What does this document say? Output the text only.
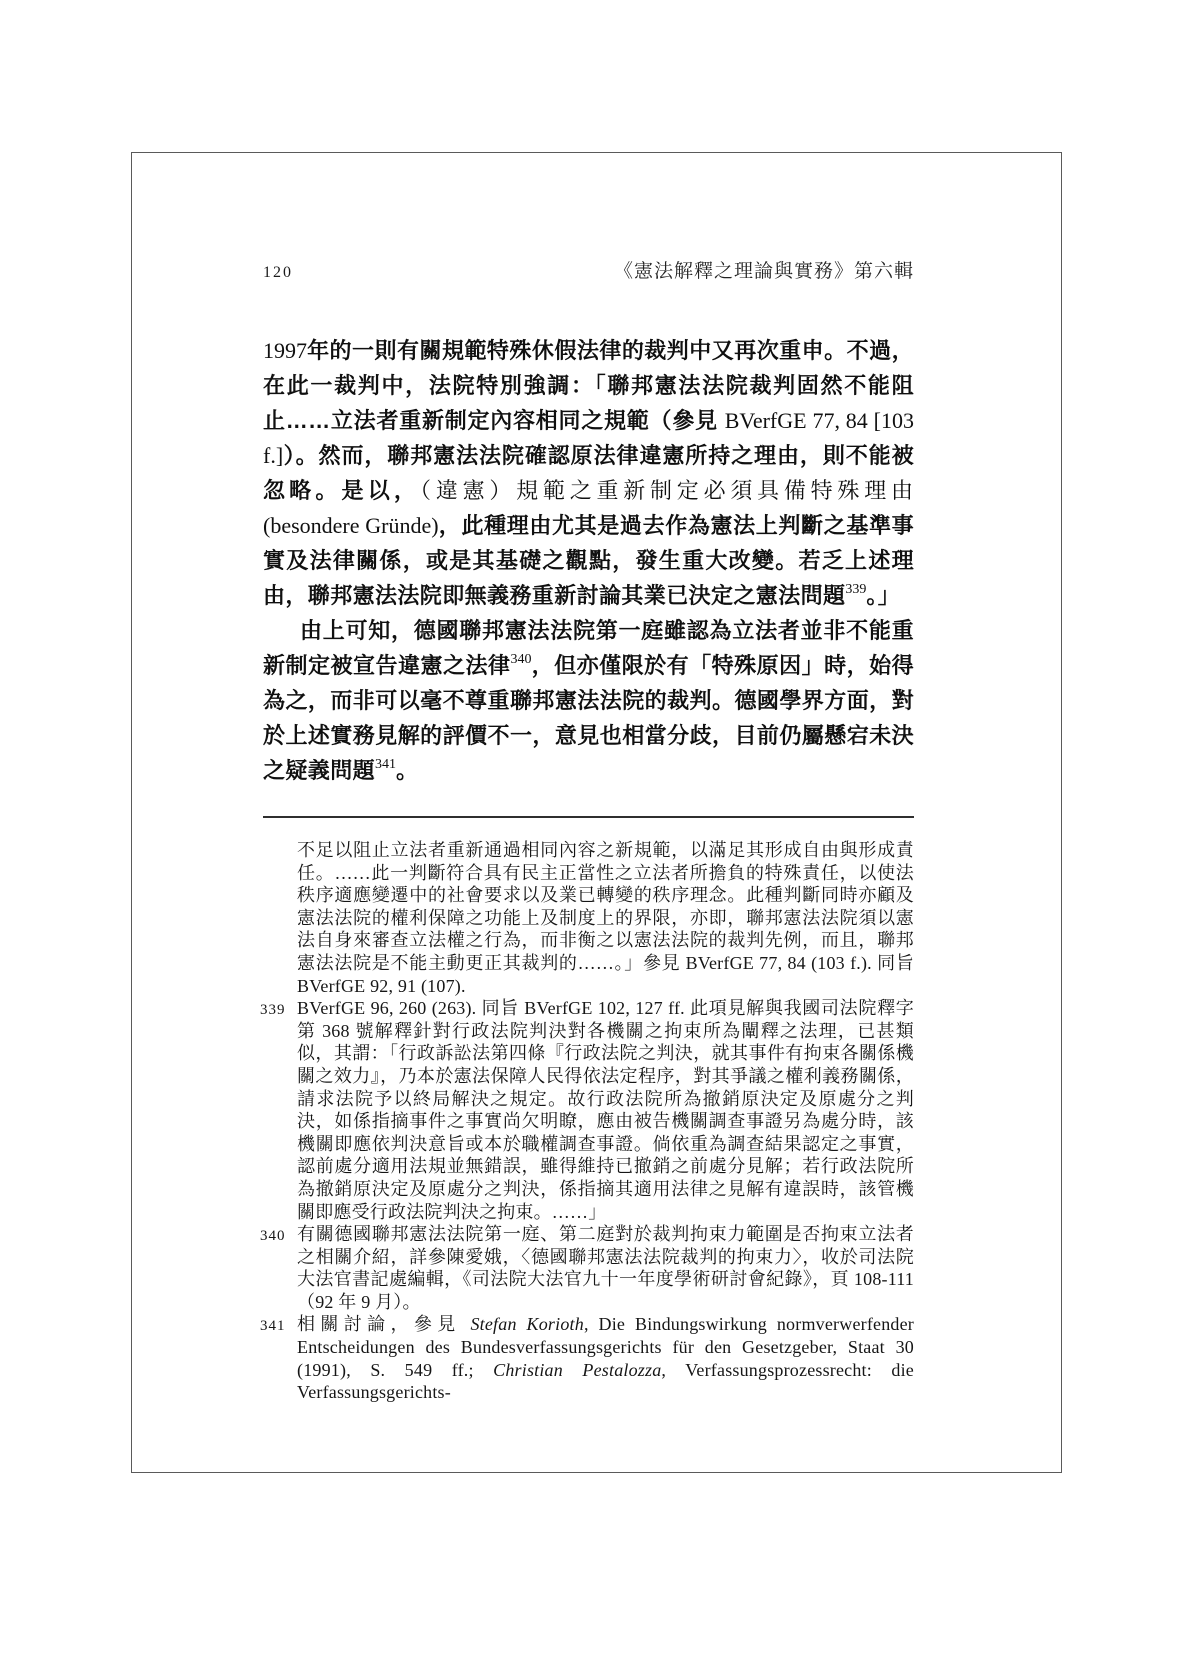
120	《憲法解釋之理論與實務》第六輯

1997年的一則有關規範特殊休假法律的裁判中又再次重申。不過，在此一裁判中，法院特別強調：「聯邦憲法法院裁判固然不能阻止……立法者重新制定內容相同之規範（參見 BVerfGE 77, 84 [103 f.]）。然而，聯邦憲法法院確認原法律違憲所持之理由，則不能被忽略。是以，（違憲）規範之重新制定必須具備特殊理由(besondere Gründe)，此種理由尤其是過去作為憲法上判斷之基準事實及法律關係，或是其基礎之觀點，發生重大改變。若乏上述理由，聯邦憲法法院即無義務重新討論其業已決定之憲法問題$^{339}$。」

由上可知，德國聯邦憲法法院第一庭雖認為立法者並非不能重新制定被宣告違憲之法律$^{340}$，但亦僅限於有「特殊原因」時，始得為之，而非可以毫不尊重聯邦憲法法院的裁判。德國學界方面，對於上述實務見解的評價不一，意見也相當分歧，目前仍屬懸宕未決之疑義問題$^{341}$。

不足以阻止立法者重新通過相同內容之新規範，以滿足其形成自由與形成責任。……此一判斷符合具有民主正當性之立法者所擔負的特殊責任，以使法秩序適應變遷中的社會要求以及業已轉變的秩序理念。此種判斷同時亦顧及憲法法院的權利保障之功能上及制度上的界限，亦即，聯邦憲法法院須以憲法自身來審查立法權之行為，而非衡之以憲法法院的裁判先例，而且，聯邦憲法法院是不能主動更正其裁判的……。」參見 BVerfGE 77, 84 (103 f.). 同旨 BVerfGE 92, 91 (107).
339 BVerfGE 96, 260 (263). 同旨 BVerfGE 102, 127 ff. 此項見解與我國司法院釋字第 368 號解釋針對行政法院判決對各機關之拘束所為闡釋之法理，已甚類似，其謂：「行政訴訟法第四條『行政法院之判決，就其事件有拘束各關係機關之效力』，乃本於憲法保障人民得依法定程序，對其爭議之權利義務關係，請求法院予以終局解決之規定。故行政法院所為撤銷原決定及原處分之判決，如係指摘事件之事實尚欠明瞭，應由被告機關調查事證另為處分時，該機關即應依判決意旨或本於職權調查事證。倘依重為調查結果認定之事實，認前處分適用法規並無錯誤，雖得維持已撤銷之前處分見解；若行政法院所為撤銷原決定及原處分之判決，係指摘其適用法律之見解有違誤時，該管機關即應受行政法院判決之拘束。……」
340 有關德國聯邦憲法法院第一庭、第二庭對於裁判拘束力範圍是否拘束立法者之相關介紹，詳參陳愛娥，〈德國聯邦憲法法院裁判的拘束力〉，收於司法院大法官書記處編輯，《司法院大法官九十一年度學術研討會紀錄》，頁 108-111（92 年 9 月）。
341 相關討論，參見 Stefan Korioth, Die Bindungswirkung normverwerfender Entscheidungen des Bundesverfassungsgerichts für den Gesetzgeber, Staat 30 (1991), S. 549 ff.; Christian Pestalozza, Verfassungsprozessrecht: die Verfassungsgerichts-
